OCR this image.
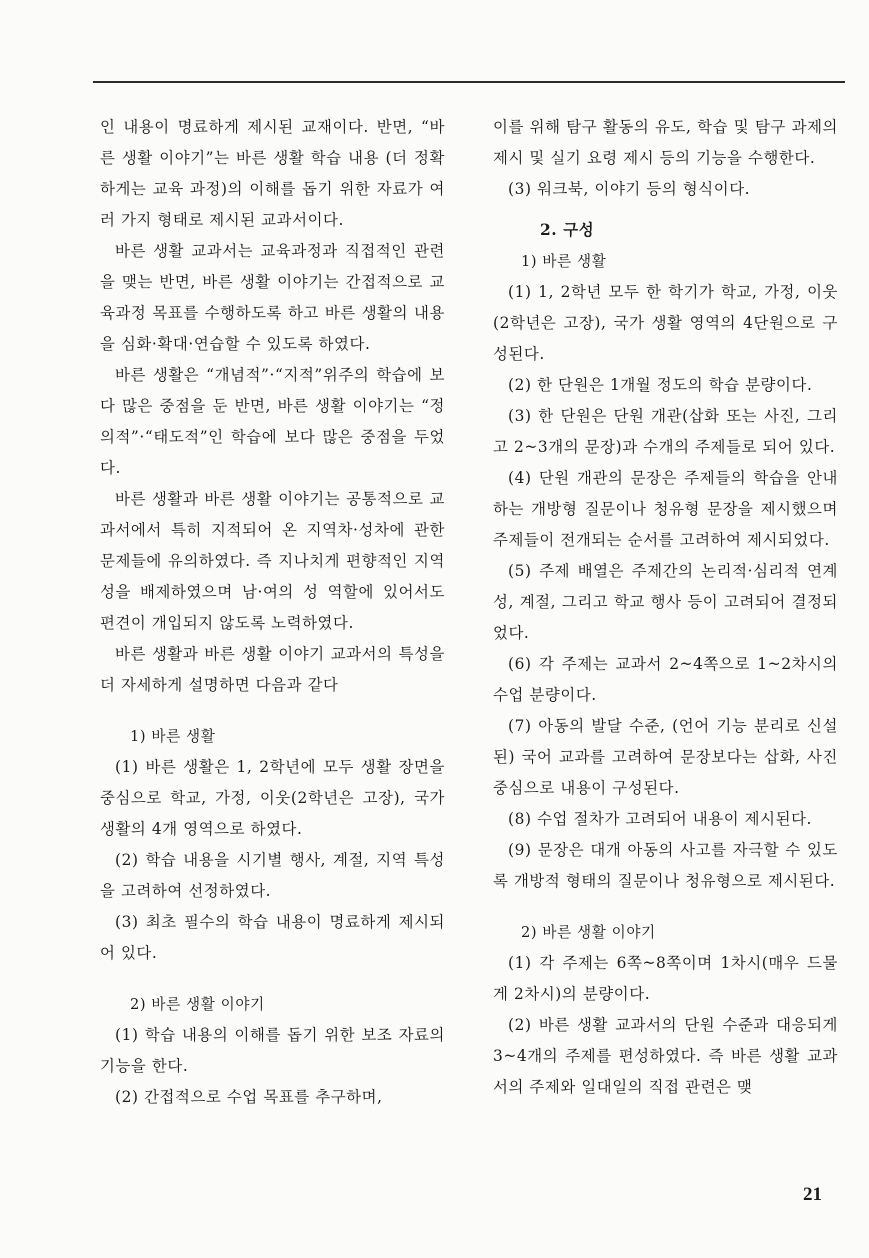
인 내용이 명료하게 제시된 교재이다. 반면, “바른 생활 이야기”는 바른 생활 학습 내용 (더 정확하게는 교육 과정)의 이해를 돕기 위한 자료가 여러 가지 형태로 제시된 교과서이다.

바른 생활 교과서는 교육과정과 직접적인 관련을 맺는 반면, 바른 생활 이야기는 간접적으로 교육과정 목표를 수행하도록 하고 바른 생활의 내용을 심화·확대·연습할 수 있도록 하였다.

바른 생활은 “개념적”·“지적”위주의 학습에 보다 많은 중점을 둔 반면, 바른 생활 이야기는 “정의적”·“태도적”인 학습에 보다 많은 중점을 두었다.

바른 생활과 바른 생활 이야기는 공통적으로 교과서에서 특히 지적되어 온 지역차·성차에 관한 문제들에 유의하였다. 즉 지나치게 편향적인 지역성을 배제하였으며 남·여의 성 역할에 있어서도 편견이 개입되지 않도록 노력하였다.

바른 생활과 바른 생활 이야기 교과서의 특성을 더 자세하게 설명하면 다음과 같다

1) 바른 생활

(1) 바른 생활은 1, 2학년에 모두 생활 장면을 중심으로 학교, 가정, 이웃(2학년은 고장), 국가 생활의 4개 영역으로 하였다.

(2) 학습 내용을 시기별 행사, 계절, 지역 특성을 고려하여 선정하였다.

(3) 최초 필수의 학습 내용이 명료하게 제시되어 있다.

2) 바른 생활 이야기

(1) 학습 내용의 이해를 돕기 위한 보조 자료의 기능을 한다.

(2) 간접적으로 수업 목표를 추구하며,

이를 위해 탐구 활동의 유도, 학습 및 탐구 과제의 제시 및 실기 요령 제시 등의 기능을 수행한다.

(3) 워크북, 이야기 등의 형식이다.

2. 구성
1) 바른 생활

(1) 1, 2학년 모두 한 학기가 학교, 가정, 이웃(2학년은 고장), 국가 생활 영역의 4단원으로 구성된다.

(2) 한 단원은 1개월 정도의 학습 분량이다.

(3) 한 단원은 단원 개관(삽화 또는 사진, 그리고 2~3개의 문장)과 수개의 주제들로 되어 있다.

(4) 단원 개관의 문장은 주제들의 학습을 안내하는 개방형 질문이나 청유형 문장을 제시했으며 주제들이 전개되는 순서를 고려하여 제시되었다.

(5) 주제 배열은 주제간의 논리적·심리적 연계성, 계절, 그리고 학교 행사 등이 고려되어 결정되었다.

(6) 각 주제는 교과서 2~4쪽으로 1~2차시의 수업 분량이다.

(7) 아동의 발달 수준, (언어 기능 분리로 신설된) 국어 교과를 고려하여 문장보다는 삽화, 사진 중심으로 내용이 구성된다.

(8) 수업 절차가 고려되어 내용이 제시된다.

(9) 문장은 대개 아동의 사고를 자극할 수 있도록 개방적 형태의 질문이나 청유형으로 제시된다.

2) 바른 생활 이야기

(1) 각 주제는 6쪽~8쪽이며 1차시(매우 드물게 2차시)의 분량이다.

(2) 바른 생활 교과서의 단원 수준과 대응되게 3~4개의 주제를 편성하였다. 즉 바른 생활 교과서의 주제와 일대일의 직접 관련은 맺

21
